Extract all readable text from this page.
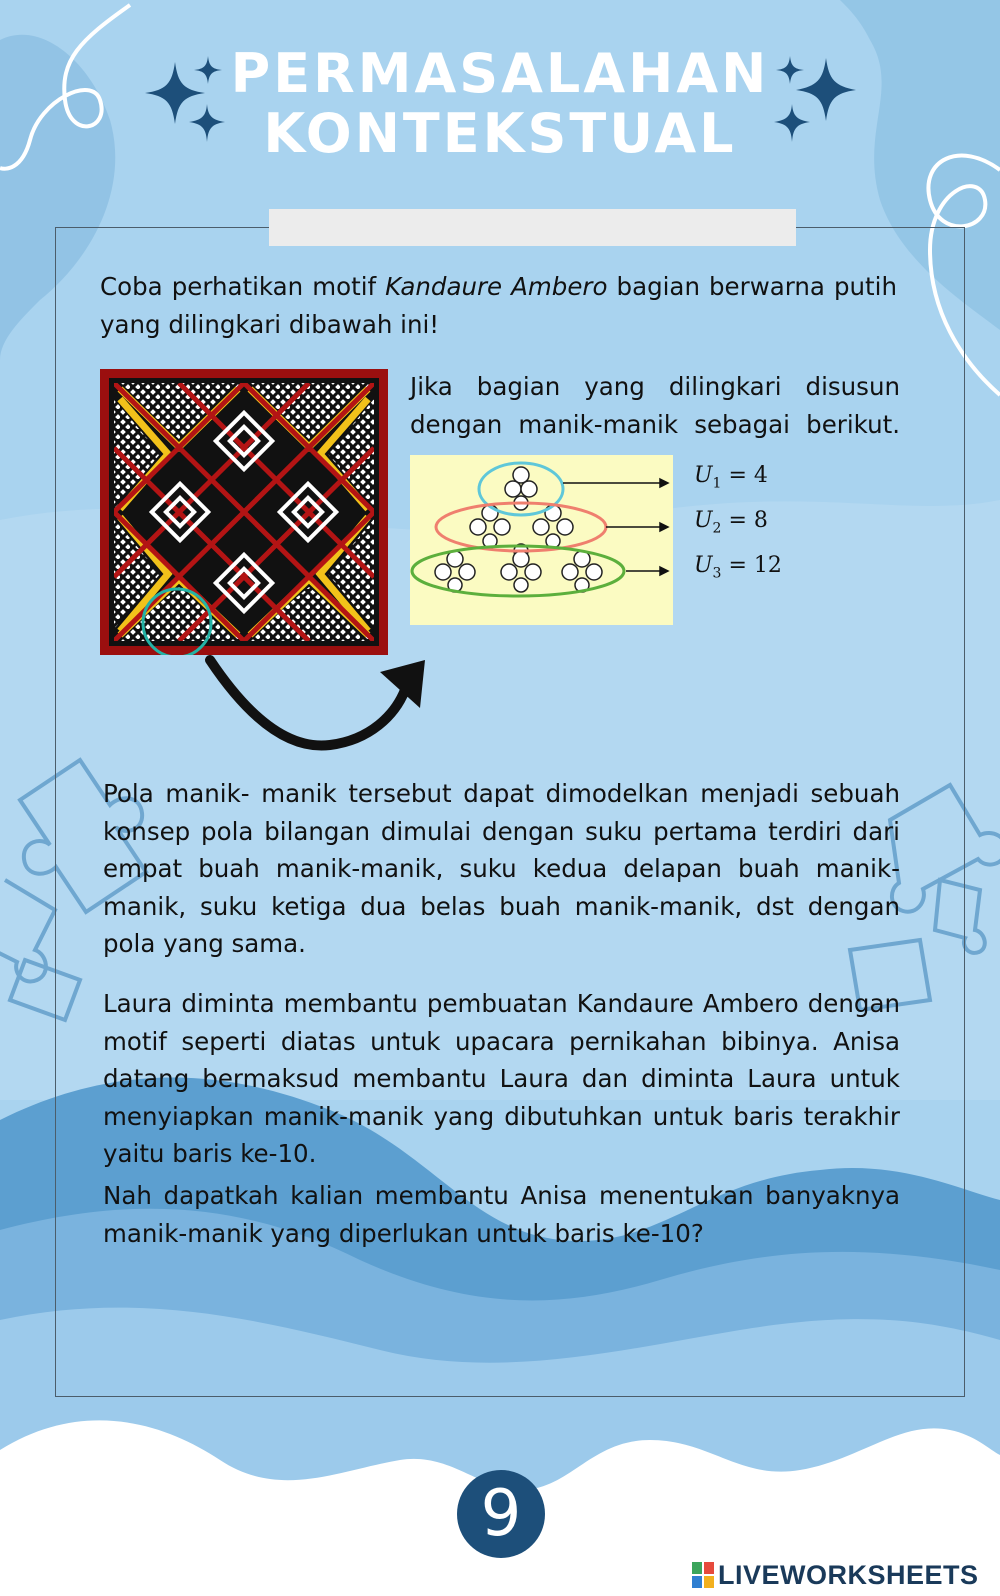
PERMASALAHAN
KONTEKSTUAL
Coba perhatikan motif Kandaure Ambero bagian berwarna putih yang dilingkari dibawah ini!
Jika bagian yang dilingkari disusun dengan manik-manik sebagai berikut.
$U_1 = 4$
$U_2 = 8$
$U_3 = 12$
Pola manik- manik tersebut dapat dimodelkan menjadi sebuah konsep pola bilangan dimulai dengan suku pertama terdiri dari empat buah manik-manik, suku kedua delapan buah manik-manik, suku ketiga dua belas buah manik-manik, dst dengan pola yang sama.
Laura diminta membantu pembuatan Kandaure Ambero dengan motif seperti diatas untuk upacara pernikahan bibinya. Anisa datang bermaksud membantu Laura dan diminta Laura untuk menyiapkan manik-manik yang dibutuhkan untuk baris terakhir yaitu baris ke-10.
Nah dapatkah kalian membantu Anisa menentukan banyaknya manik-manik yang diperlukan untuk baris ke-10?
9
LIVEWORKSHEETS
